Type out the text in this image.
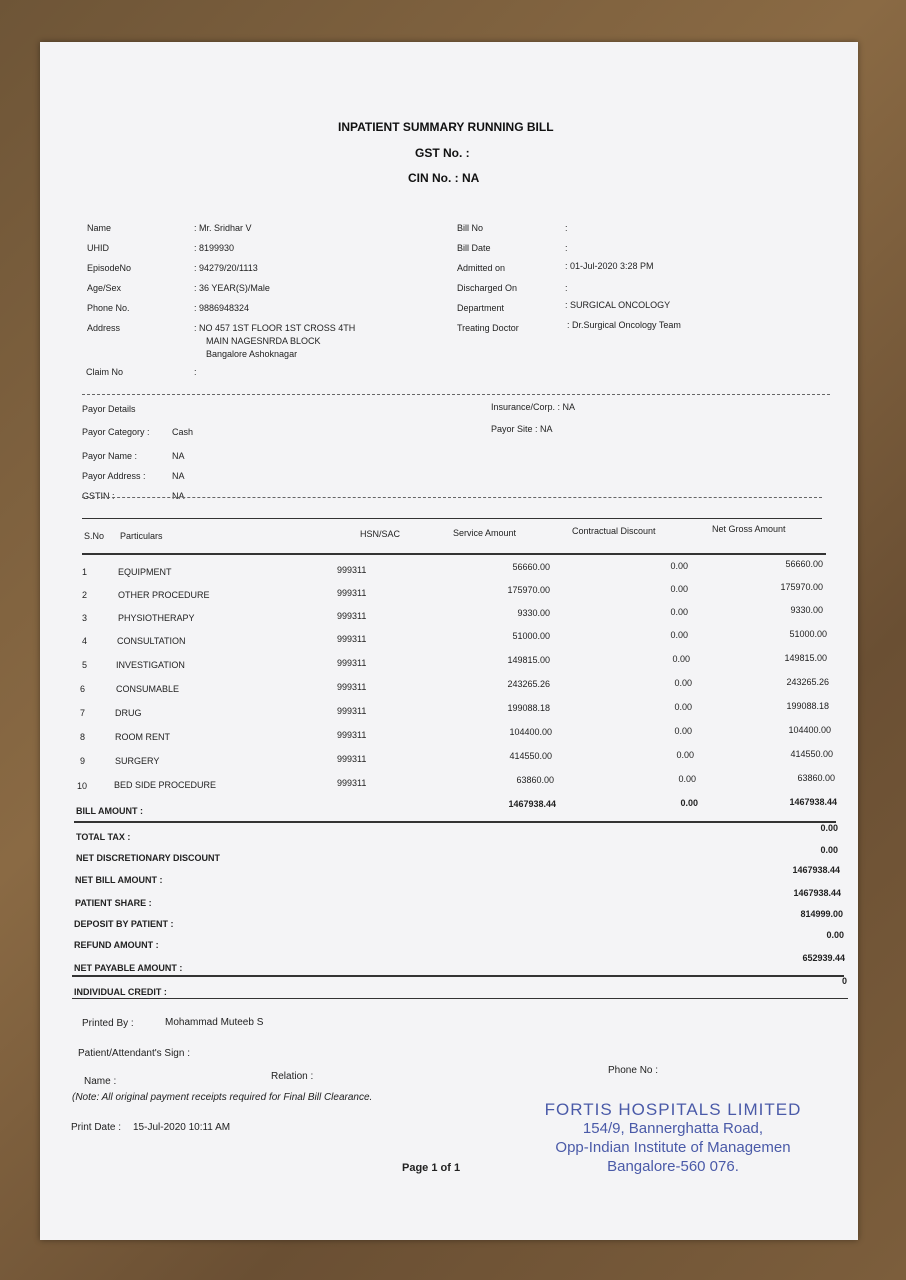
INPATIENT SUMMARY RUNNING BILL
GST No. :
CIN No. : NA
Name	: Mr. Sridhar V
UHID	: 8199930
EpisodeNo	: 94279/20/1113
Age/Sex	: 36 YEAR(S)/Male
Phone No.	: 9886948324
Address	: NO 457 1ST FLOOR 1ST CROSS 4TH
MAIN NAGESNRDA BLOCK
Bangalore Ashoknagar
Claim No	:
Bill No	:
Bill Date	:
Admitted on	: 01-Jul-2020 3:28 PM
Discharged On	:
Department	: SURGICAL ONCOLOGY
Treating Doctor	: Dr.Surgical Oncology Team
Payor Details	Insurance/Corp. : NA
Payor Category : Cash	Payor Site : NA
Payor Name :	NA
Payor Address :	NA
GSTIN :	NA
S.No Particulars	HSN/SAC	Service Amount	Contractual Discount	Net Gross Amount
1	EQUIPMENT	999311	56660.00	0.00	56660.00
2	OTHER PROCEDURE	999311	175970.00	0.00	175970.00
3	PHYSIOTHERAPY	999311	9330.00	0.00	9330.00
4	CONSULTATION	999311	51000.00	0.00	51000.00
5	INVESTIGATION	999311	149815.00	0.00	149815.00
6	CONSUMABLE	999311	243265.26	0.00	243265.26
7	DRUG	999311	199088.18	0.00	199088.18
8	ROOM RENT	999311	104400.00	0.00	104400.00
9	SURGERY	999311	414550.00	0.00	414550.00
10	BED SIDE PROCEDURE	999311	63860.00	0.00	63860.00
BILL AMOUNT :
1467938.44	0.00	1467938.44
TOTAL TAX :
0.00
NET DISCRETIONARY DISCOUNT
0.00
NET BILL AMOUNT :
1467938.44
PATIENT SHARE :
1467938.44
DEPOSIT BY PATIENT :
814999.00
REFUND AMOUNT :
0.00
NET PAYABLE AMOUNT :
652939.44
INDIVIDUAL CREDIT :
0
Printed By :	Mohammad Muteeb S
Patient/Attendant's Sign :
Name :	Relation :
Phone No :
(Note: All original payment receipts required for Final Bill Clearance.
Print Date : 15-Jul-2020 10:11 AM
Page 1 of 1
FORTIS HOSPITALS LIMITED
154/9, Bannerghatta Road,
Opp-Indian Institute of Managemen
Bangalore-560 076.
